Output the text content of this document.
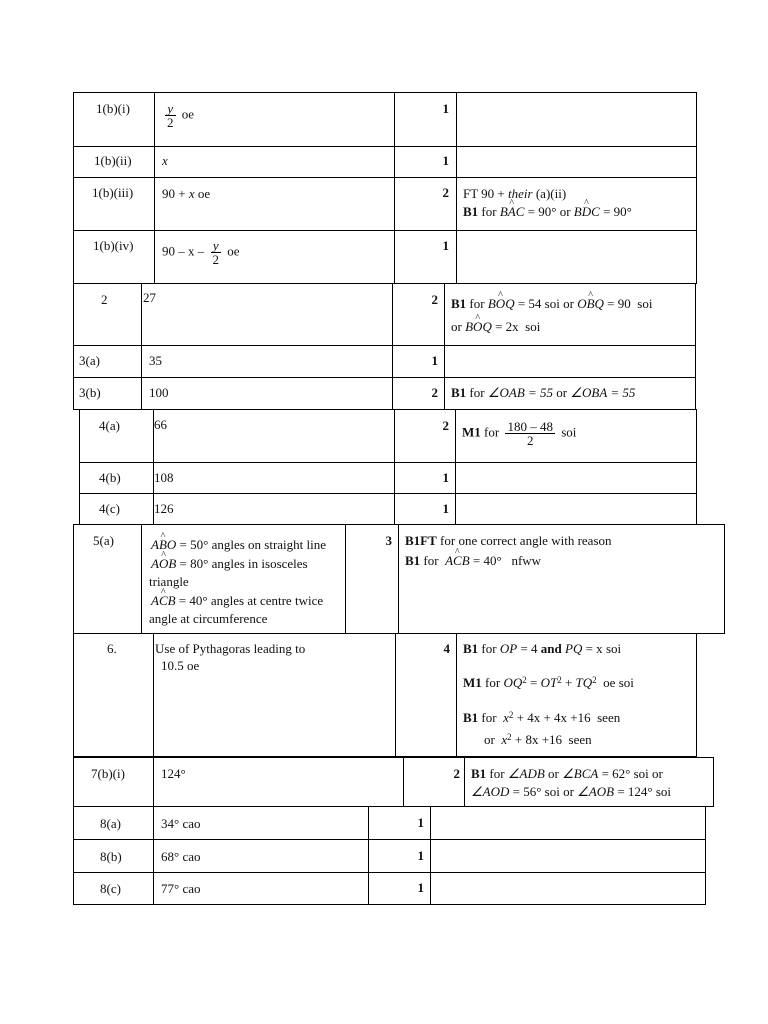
1(b)(i)	$\frac{y}{2}$ oe	1
1(b)(ii) x	1
1(b)(iii) 90 + x oe	2 FT 90 + their (a)(ii)
B1 for B^ AC = 90° or B^ DC = 90°
1(b)(iv) 90 – x – $\frac{y}{2}$ oe	1
2	27	2 B1 for B^ OQ = 54 soi or O^ BQ = 90 soi
or B^ OQ = 2x soi
3(a)	35	1
3(b)	100	2 B1 for ∠OAB = 55 or ∠OBA = 55
4(a)	66	2 M1 for $\frac{180 - 48}{2}$ soi
4(b)	108	1
4(c)	126	1
5(a)	A^ BO = 50° angles on straight line
A^ OB = 80° angles in isosceles
triangle
A^ CB = 40° angles at centre twice
angle at circumference
3 B1FT for one correct angle with reason
B1 for A^ CB = 40° nfww
6.	Use of Pythagoras leading to
10.5 oe
4 B1 for OP = 4 and PQ = x soi
M1 for $OQ^2 = OT^2 + TQ^2$ oe soi
B1 for $x^2 + 4x + 4x +16$ seen
or $x^2 + 8x +16$ seen
7(b)(i)	124°	2 B1 for ∠ADB or ∠BCA = 62° soi or
∠AOD = 56° soi or ∠AOB = 124° soi
8(a)	34° cao	1
8(b)	68° cao	1
8(c)	77° cao	1
